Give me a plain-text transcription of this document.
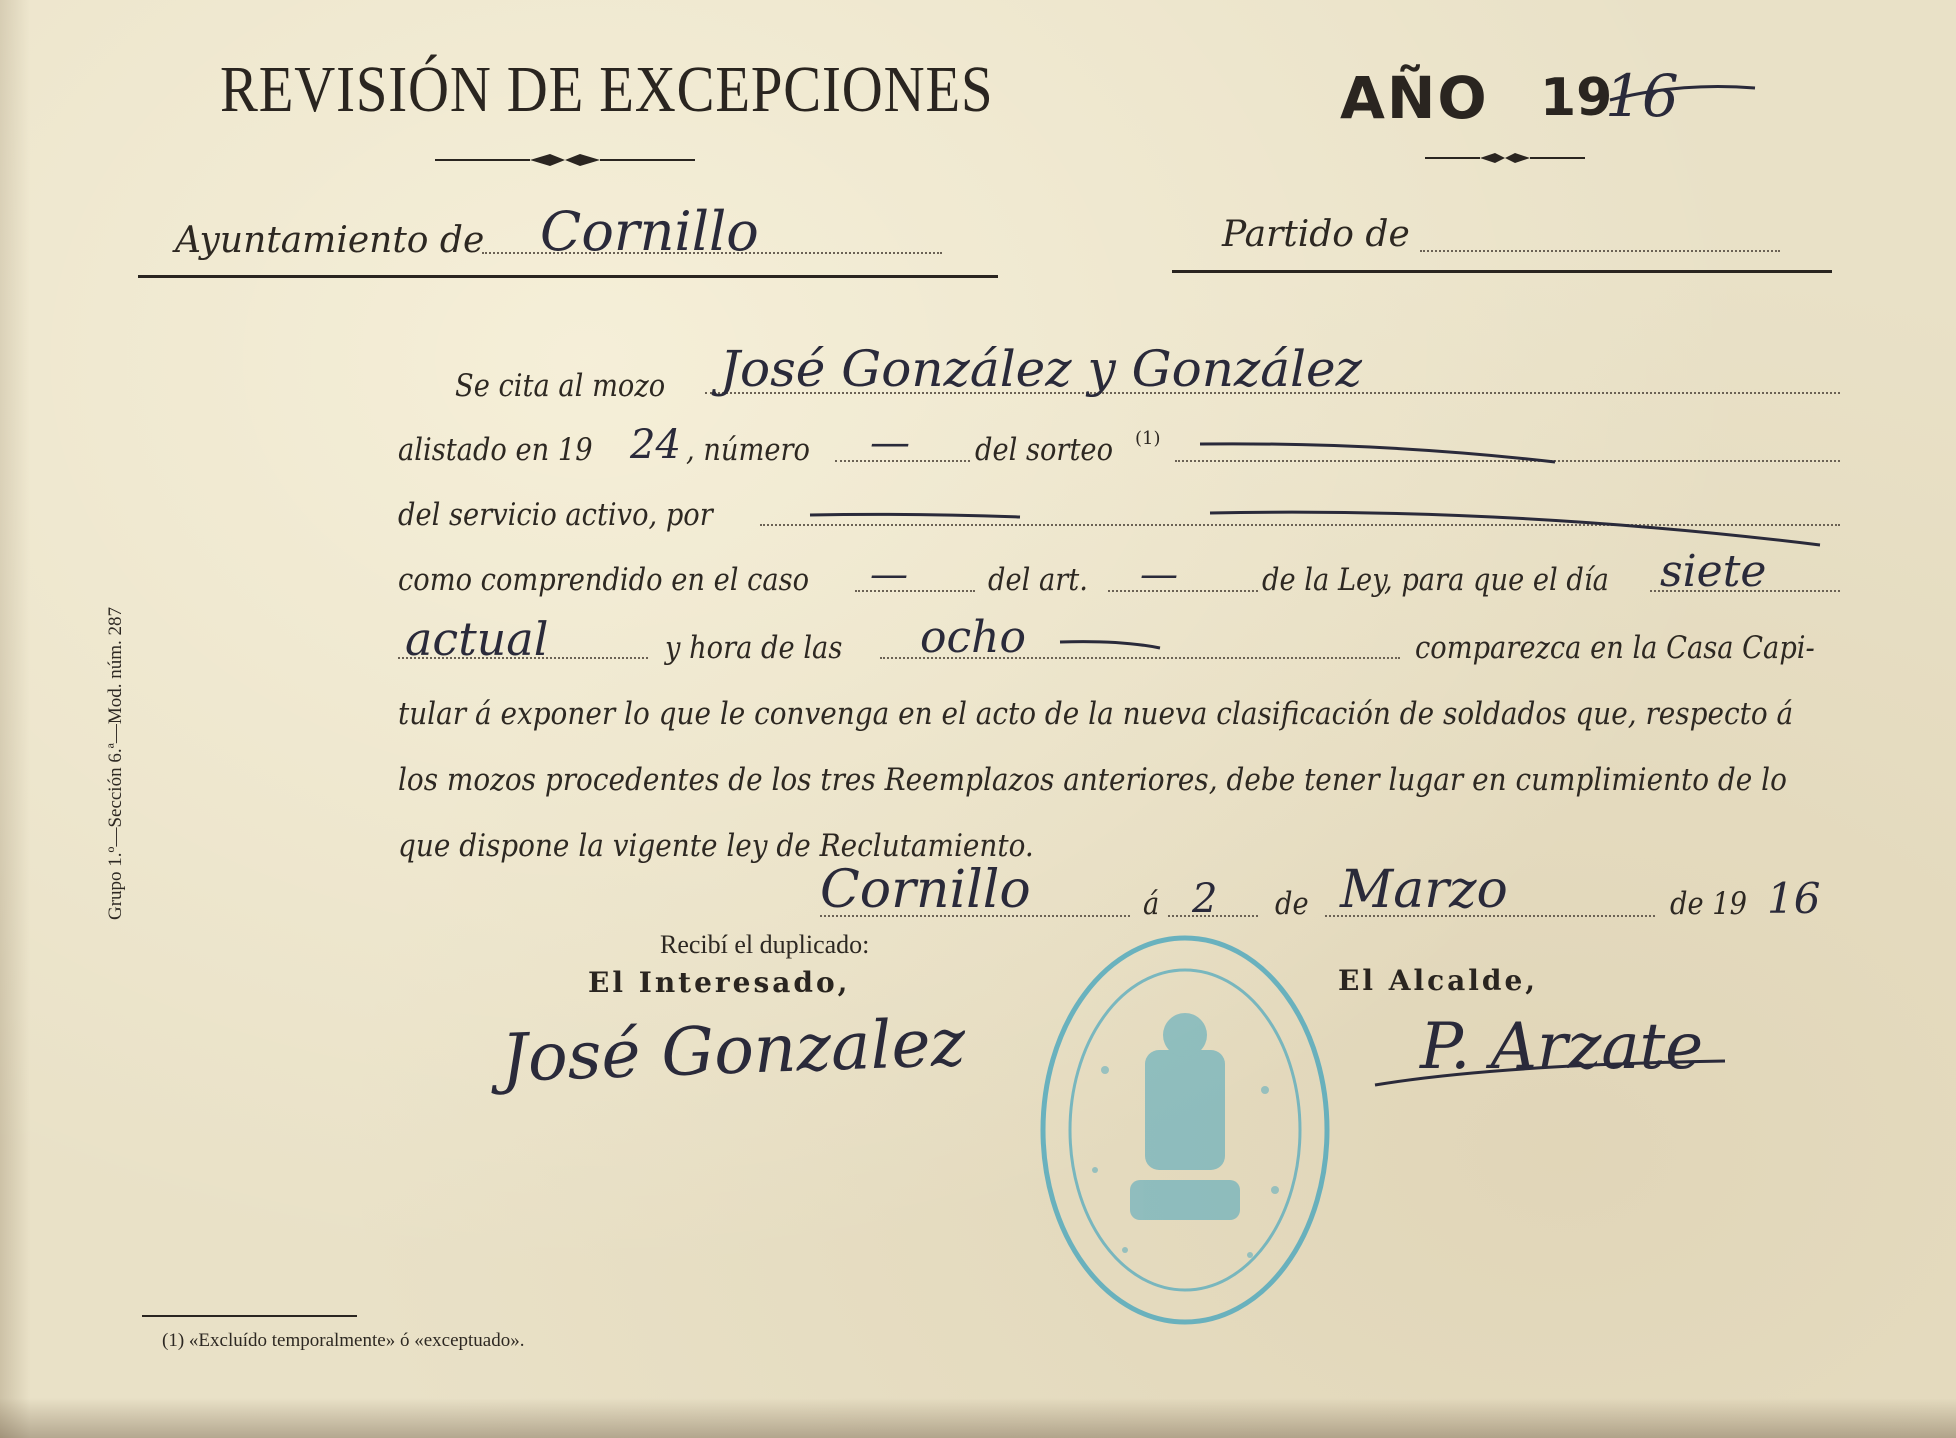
REVISIÓN DE EXCEPCIONES	AÑO 19
16
Ayuntamiento de Cornillo	Partido de
Se cita al mozo José González y González
alistado en 19 24 , número — del sorteo (1)
del servicio activo, por
como comprendido en el caso —	del art. —	de la Ley, para que el día siete
actual	y hora de las ocho	comparezca en la Casa Capi-
tular á exponer lo que le convenga en el acto de la nueva clasificación de soldados que, respecto á
los mozos procedentes de los tres Reemplazos anteriores, debe tener lugar en cumplimiento de lo
que dispone la vigente ley de Reclutamiento.
Cornillo	á 2 de Marzo	de 19 16
Recibí el duplicado:
El Interesado,
José Gonzalez
El Alcalde,
P. Arzate
Grupo 1.º—Sección 6.ª—Mod. núm. 287
(1) «Excluído temporalmente» ó «exceptuado».
